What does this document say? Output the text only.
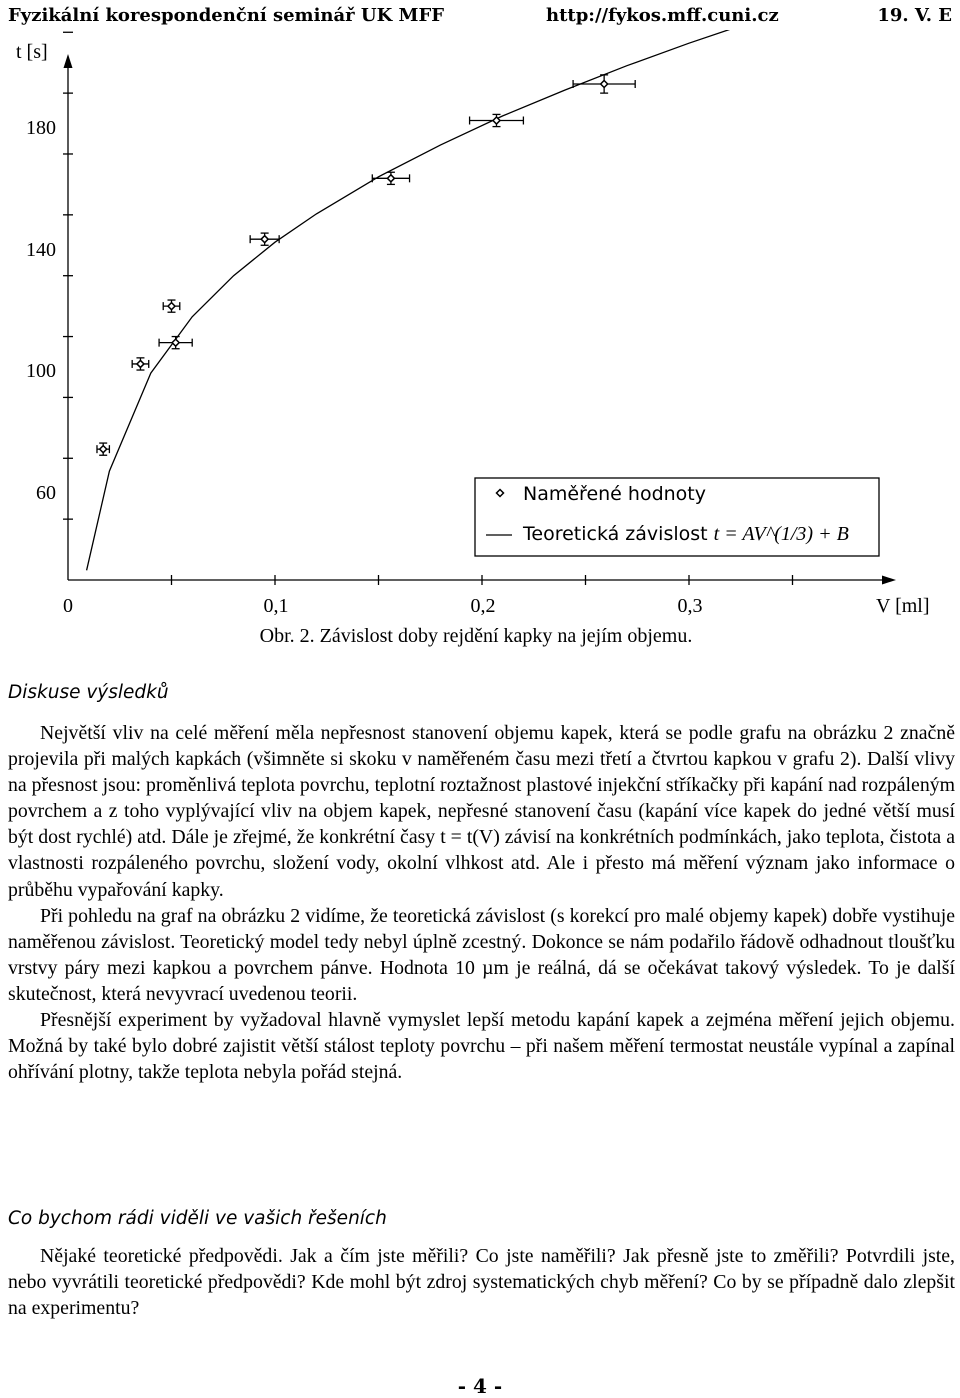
Fyzikální korespondenční seminář UK MFF	http://fykos.mff.cuni.cz	19. V. E
t [s]
V [ml]
0	0,1	0,2	0,3
60
100
140
180
Naměřené hodnoty
Teoretická závislost t = AV^(1/3) + B
Obr. 2. Závislost doby rejdění kapky na jejím objemu.
Diskuse výsledků

Největší vliv na celé měření měla nepřesnost stanovení objemu kapek, která se podle grafu na obrázku 2 značně projevila při malých kapkách (všimněte si skoku v naměřeném času mezi třetí a čtvrtou kapkou v grafu 2). Další vlivy na přesnost jsou: proměnlivá teplota povrchu, teplotní roztažnost plastové injekční stříkačky při kapání nad rozpáleným povrchem a z toho vyplývající vliv na objem kapek, nepřesné stanovení času (kapání více kapek do jedné větší musí být dost rychlé) atd. Dále je zřejmé, že konkrétní časy t = t(V) závisí na konkrétních podmínkách, jako teplota, čistota a vlastnosti rozpáleného povrchu, složení vody, okolní vlhkost atd. Ale i přesto má měření význam jako informace o průběhu vypařování kapky.

Při pohledu na graf na obrázku 2 vidíme, že teoretická závislost (s korekcí pro malé objemy kapek) dobře vystihuje naměřenou závislost. Teoretický model tedy nebyl úplně zcestný. Dokonce se nám podařilo řádově odhadnout tloušťku vrstvy páry mezi kapkou a povrchem pánve. Hodnota 10 µm je reálná, dá se očekávat takový výsledek. To je další skutečnost, která nevyvrací uvedenou teorii.

Přesnější experiment by vyžadoval hlavně vymyslet lepší metodu kapání kapek a zejména měření jejich objemu. Možná by také bylo dobré zajistit větší stálost teploty povrchu – při našem měření termostat neustále vypínal a zapínal ohřívání plotny, takže teplota nebyla pořád stejná.

Co bychom rádi viděli ve vašich řešeních

Nějaké teoretické předpovědi. Jak a čím jste měřili? Co jste naměřili? Jak přesně jste to změřili? Potvrdili jste, nebo vyvrátili teoretické předpovědi? Kde mohl být zdroj systematických chyb měření? Co by se případně dalo zlepšit na experimentu?

- 4 -
